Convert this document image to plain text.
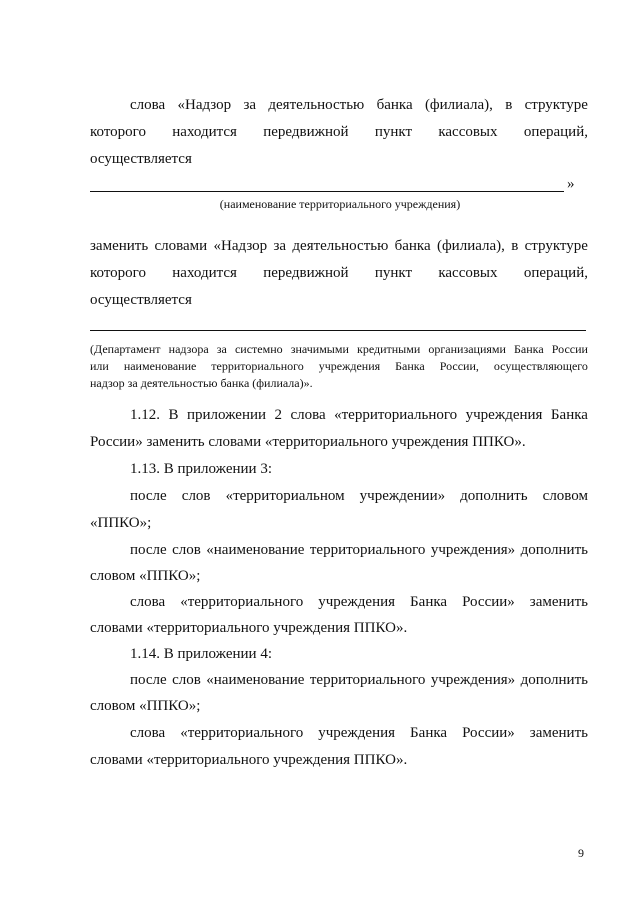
слова «Надзор за деятельностью банка (филиала), в структуре
которого находится передвижной пункт кассовых операций,
осуществляется
»
(наименование территориального учреждения)
заменить словами «Надзор за деятельностью банка (филиала), в структуре
которого находится передвижной пункт кассовых операций,
осуществляется
(Департамент надзора за системно значимыми кредитными организациями Банка России
или наименование территориального учреждения Банка России, осуществляющего
надзор за деятельностью банка (филиала)».
1.12. В приложении 2 слова «территориального учреждения Банка
России» заменить словами «территориального учреждения ППКО».
1.13. В приложении 3:
после слов «территориальном учреждении» дополнить словом
«ППКО»;
после слов «наименование территориального учреждения» дополнить
словом «ППКО»;
слова «территориального учреждения Банка России» заменить
словами «территориального учреждения ППКО».
1.14. В приложении 4:
после слов «наименование территориального учреждения» дополнить
словом «ППКО»;
слова «территориального учреждения Банка России» заменить
словами «территориального учреждения ППКО».
9
